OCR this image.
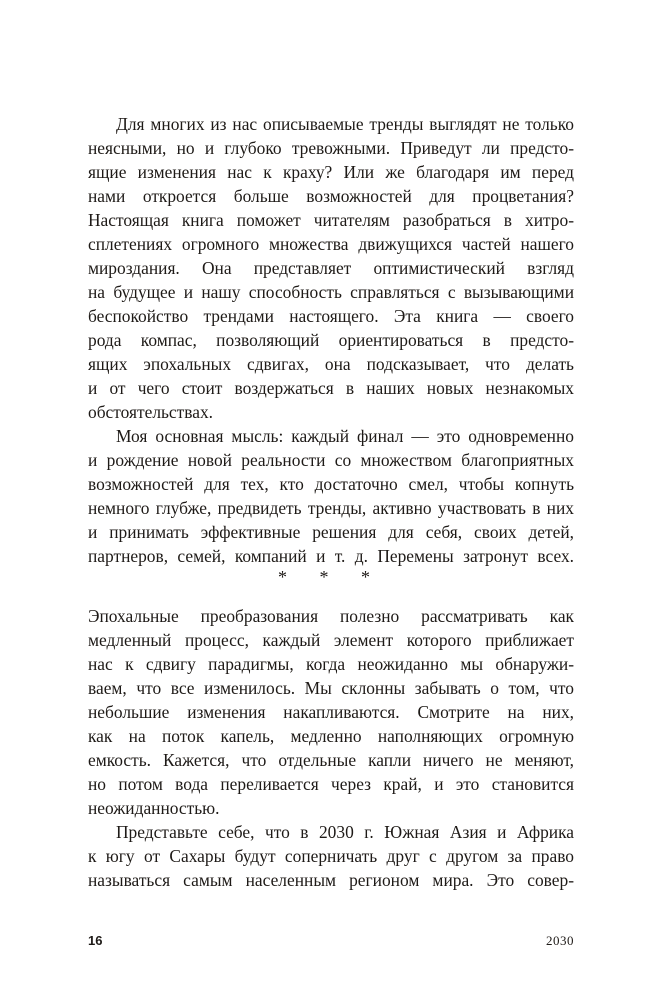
Для многих из нас описываемые тренды выглядят не только
неясными, но и глубоко тревожными. Приведут ли предсто-
ящие изменения нас к краху? Или же благодаря им перед
нами откроется больше возможностей для процветания?
Настоящая книга поможет читателям разобраться в хитро-
сплетениях огромного множества движущихся частей нашего
мироздания. Она представляет оптимистический взгляд
на будущее и нашу способность справляться с вызывающими
беспокойство трендами настоящего. Эта книга — своего
рода компас, позволяющий ориентироваться в предсто-
ящих эпохальных сдвигах, она подсказывает, что делать
и от чего стоит воздержаться в наших новых незнакомых
обстоятельствах.
Моя основная мысль: каждый финал — это одновременно
и рождение новой реальности со множеством благоприятных
возможностей для тех, кто достаточно смел, чтобы копнуть
немного глубже, предвидеть тренды, активно участвовать в них
и принимать эффективные решения для себя, своих детей,
партнеров, семей, компаний и т. д. Перемены затронут всех.
* * *
Эпохальные преобразования полезно рассматривать как
медленный процесс, каждый элемент которого приближает
нас к сдвигу парадигмы, когда неожиданно мы обнаружи-
ваем, что все изменилось. Мы склонны забывать о том, что
небольшие изменения накапливаются. Смотрите на них,
как на поток капель, медленно наполняющих огромную
емкость. Кажется, что отдельные капли ничего не меняют,
но потом вода переливается через край, и это становится
неожиданностью.
Представьте себе, что в 2030 г. Южная Азия и Африка
к югу от Сахары будут соперничать друг с другом за право
называться самым населенным регионом мира. Это совер-
16	2030
